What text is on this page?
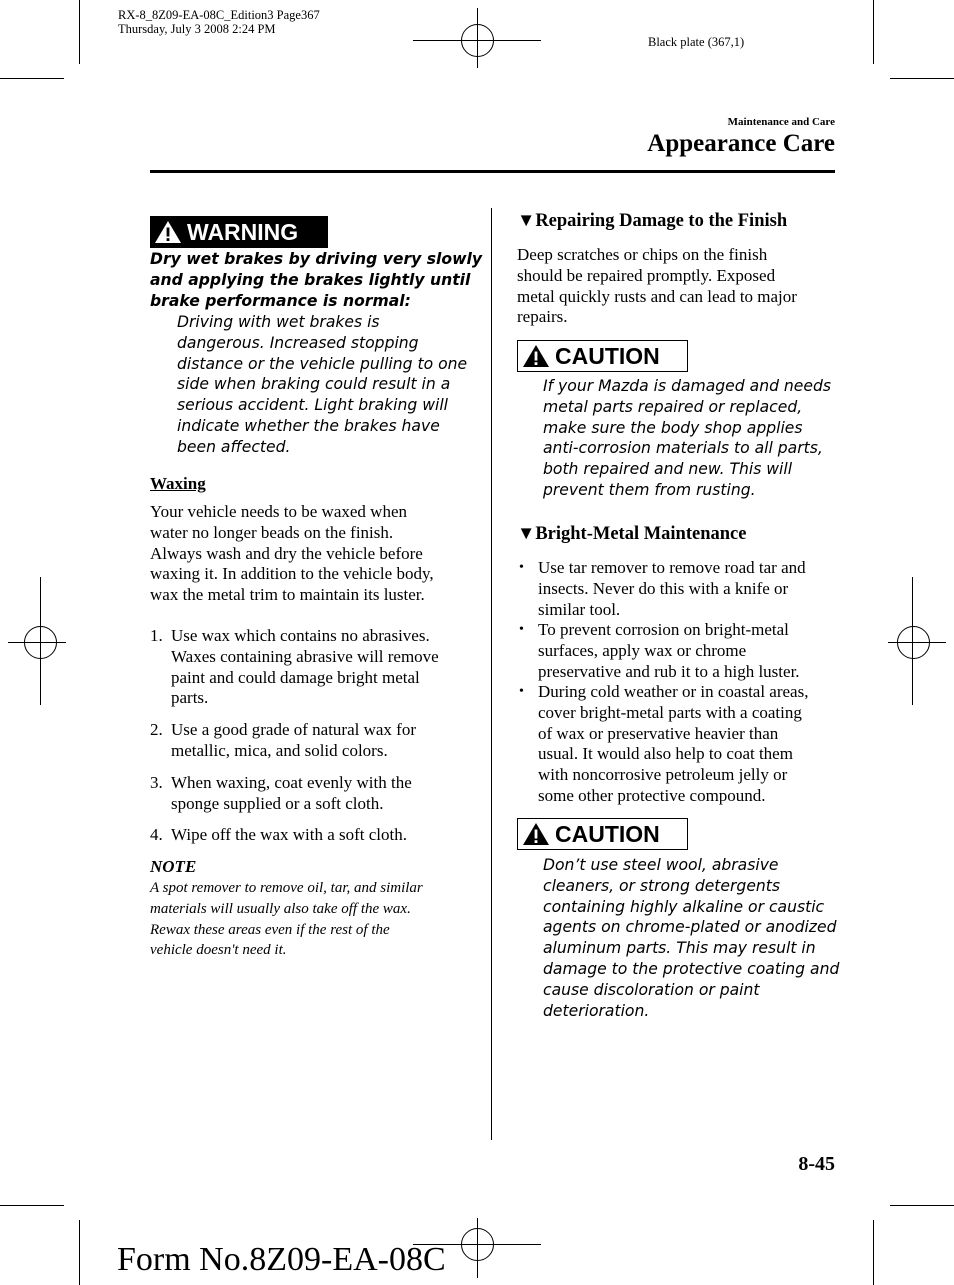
RX-8_8Z09-EA-08C_Edition3 Page367
Thursday, July 3 2008 2:24 PM
Black plate (367,1)
Maintenance and Care
Appearance Care
WARNING
Dry wet brakes by driving very slowly
and applying the brakes lightly until
brake performance is normal:
Driving with wet brakes is
dangerous. Increased stopping
distance or the vehicle pulling to one
side when braking could result in a
serious accident. Light braking will
indicate whether the brakes have
been affected.
Waxing
Your vehicle needs to be waxed when
water no longer beads on the finish.
Always wash and dry the vehicle before
waxing it. In addition to the vehicle body,
wax the metal trim to maintain its luster.
1. Use wax which contains no abrasives.
Waxes containing abrasive will remove
paint and could damage bright metal
parts.
2. Use a good grade of natural wax for
metallic, mica, and solid colors.
3. When waxing, coat evenly with the
sponge supplied or a soft cloth.
4. Wipe off the wax with a soft cloth.
NOTE
A spot remover to remove oil, tar, and similar
materials will usually also take off the wax.
Rewax these areas even if the rest of the
vehicle doesn't need it.
▼Repairing Damage to the Finish
Deep scratches or chips on the finish
should be repaired promptly. Exposed
metal quickly rusts and can lead to major
repairs.
CAUTION
If your Mazda is damaged and needs
metal parts repaired or replaced,
make sure the body shop applies
anti-corrosion materials to all parts,
both repaired and new. This will
prevent them from rusting.
▼Bright-Metal Maintenance
• Use tar remover to remove road tar and
insects. Never do this with a knife or
similar tool.
• To prevent corrosion on bright-metal
surfaces, apply wax or chrome
preservative and rub it to a high luster.
• During cold weather or in coastal areas,
cover bright-metal parts with a coating
of wax or preservative heavier than
usual. It would also help to coat them
with noncorrosive petroleum jelly or
some other protective compound.
CAUTION
Don’t use steel wool, abrasive
cleaners, or strong detergents
containing highly alkaline or caustic
agents on chrome-plated or anodized
aluminum parts. This may result in
damage to the protective coating and
cause discoloration or paint
deterioration.
8-45
Form No.8Z09-EA-08C
